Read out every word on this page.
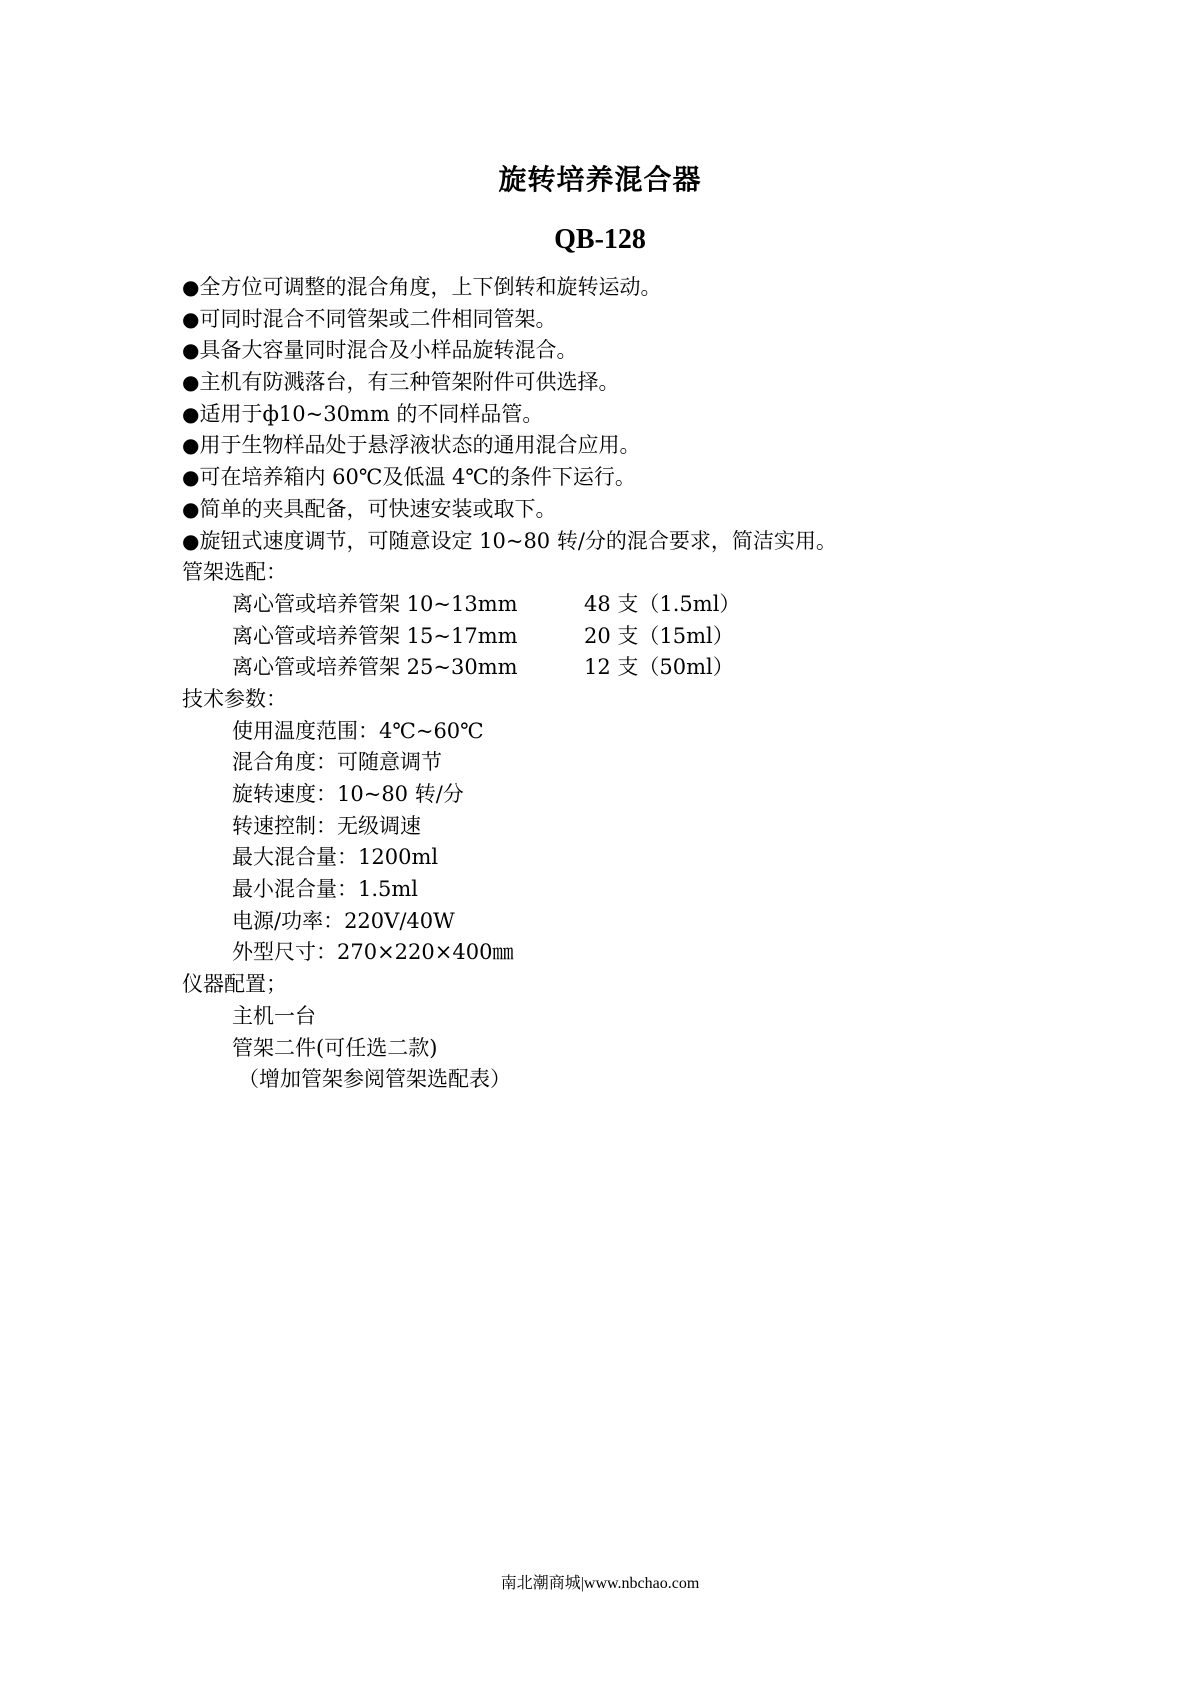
旋转培养混合器
QB-128
●全方位可调整的混合角度，上下倒转和旋转运动。
●可同时混合不同管架或二件相同管架。
●具备大容量同时混合及小样品旋转混合。
●主机有防溅落台，有三种管架附件可供选择。
●适用于ф10~30mm 的不同样品管。
●用于生物样品处于悬浮液状态的通用混合应用。
●可在培养箱内 60℃及低温 4℃的条件下运行。
●简单的夹具配备，可快速安装或取下。
●旋钮式速度调节，可随意设定 10~80 转/分的混合要求，简洁实用。
管架选配：
离心管或培养管架 10~13mm	48 支（1.5ml）
离心管或培养管架 15~17mm	20 支（15ml）
离心管或培养管架 25~30mm	12 支（50ml）
技术参数：
使用温度范围：4℃~60℃
混合角度：可随意调节
旋转速度：10~80 转/分
转速控制：无级调速
最大混合量：1200ml
最小混合量：1.5ml
电源/功率：220V/40W
外型尺寸：270×220×400㎜
仪器配置；
主机一台
管架二件(可任选二款)
（增加管架参阅管架选配表）
南北潮商城|www.nbchao.com
